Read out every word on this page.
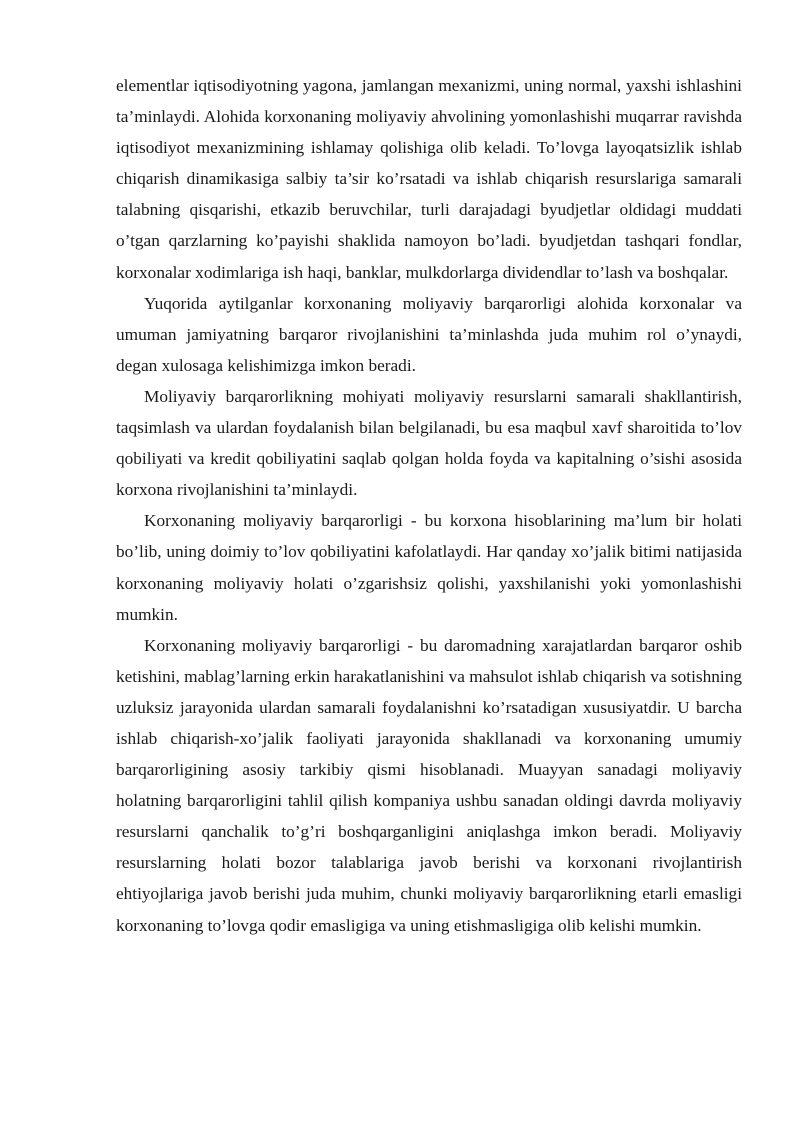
elementlar iqtisodiyotning yagona, jamlangan mexanizmi, uning normal, yaxshi ishlashini ta’minlaydi. Alohida korxonaning moliyaviy ahvolining yomonlashishi muqarrar ravishda iqtisodiyot mexanizmining ishlamay qolishiga olib keladi. To’lovga layoqatsizlik ishlab chiqarish dinamikasiga salbiy ta’sir ko’rsatadi va ishlab chiqarish resurslariga samarali talabning qisqarishi, etkazib beruvchilar, turli darajadagi byudjetlar oldidagi muddati o’tgan qarzlarning ko’payishi shaklida namoyon bo’ladi. byudjetdan tashqari fondlar, korxonalar xodimlariga ish haqi, banklar, mulkdorlarga dividendlar to’lash va boshqalar.

Yuqorida aytilganlar korxonaning moliyaviy barqarorligi alohida korxonalar va umuman jamiyatning barqaror rivojlanishini ta’minlashda juda muhim rol o’ynaydi, degan xulosaga kelishimizga imkon beradi.

Moliyaviy barqarorlikning mohiyati moliyaviy resurslarni samarali shakllantirish, taqsimlash va ulardan foydalanish bilan belgilanadi, bu esa maqbul xavf sharoitida to’lov qobiliyati va kredit qobiliyatini saqlab qolgan holda foyda va kapitalning o’sishi asosida korxona rivojlanishini ta’minlaydi.

Korxonaning moliyaviy barqarorligi - bu korxona hisoblarining ma’lum bir holati bo’lib, uning doimiy to’lov qobiliyatini kafolatlaydi. Har qanday xo’jalik bitimi natijasida korxonaning moliyaviy holati o’zgarishsiz qolishi, yaxshilanishi yoki yomonlashishi mumkin.

Korxonaning moliyaviy barqarorligi - bu daromadning xarajatlardan barqaror oshib ketishini, mablag’larning erkin harakatlanishini va mahsulot ishlab chiqarish va sotishning uzluksiz jarayonida ulardan samarali foydalanishni ko’rsatadigan xususiyatdir. U barcha ishlab chiqarish-xo’jalik faoliyati jarayonida shakllanadi va korxonaning umumiy barqarorligining asosiy tarkibiy qismi hisoblanadi. Muayyan sanadagi moliyaviy holatning barqarorligini tahlil qilish kompaniya ushbu sanadan oldingi davrda moliyaviy resurslarni qanchalik to’g’ri boshqarganligini aniqlashga imkon beradi. Moliyaviy resurslarning holati bozor talablariga javob berishi va korxonani rivojlantirish ehtiyojlariga javob berishi juda muhim, chunki moliyaviy barqarorlikning etarli emasligi korxonaning to’lovga qodir emasligiga va uning etishmasligiga olib kelishi mumkin.
